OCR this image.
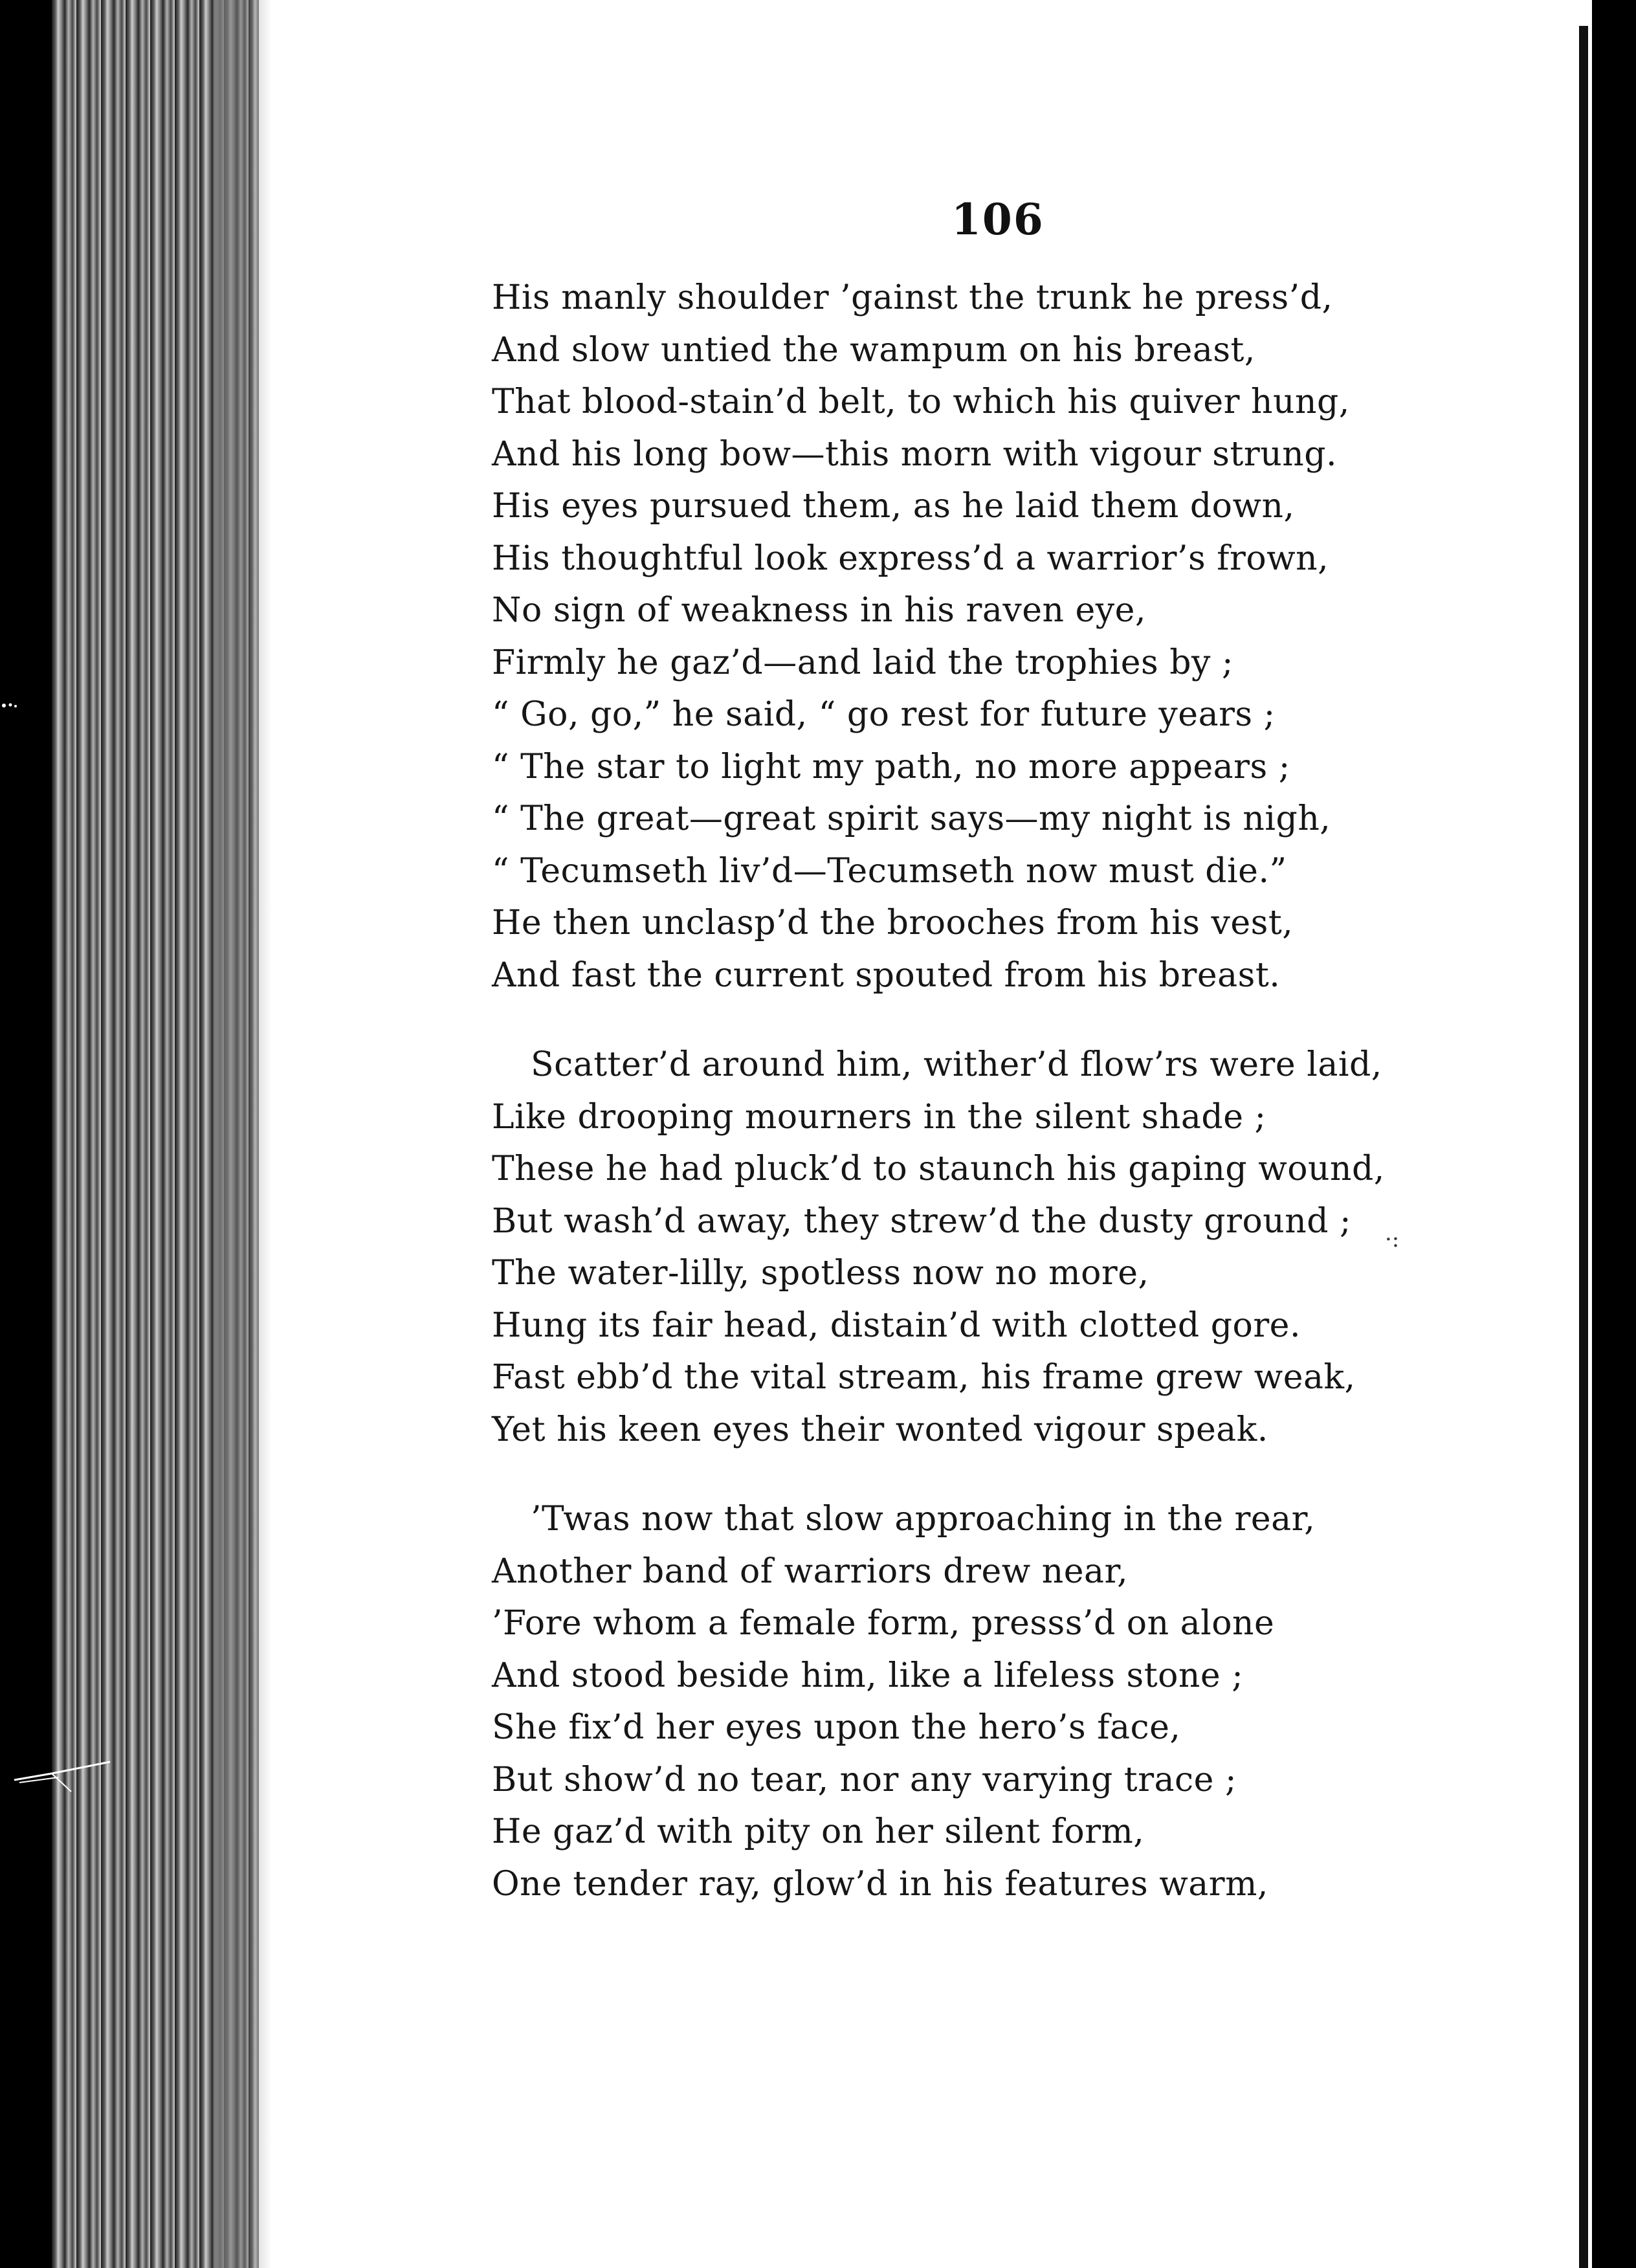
106
His manly shoulder ’gainst the trunk he press’d,
And slow untied the wampum on his breast,
That blood-stain’d belt, to which his quiver hung,
And his long bow—this morn with vigour strung.
His eyes pursued them, as he laid them down,
His thoughtful look express’d a warrior’s frown,
No sign of weakness in his raven eye,
Firmly he gaz’d—and laid the trophies by ;
“ Go, go,” he said, “ go rest for future years ;
“ The star to light my path, no more appears ;
“ The great—great spirit says—my night is nigh,
“ Tecumseth liv’d—Tecumseth now must die.”
He then unclasp’d the brooches from his vest,
And fast the current spouted from his breast.
Scatter’d around him, wither’d flow’rs were laid,
Like drooping mourners in the silent shade ;
These he had pluck’d to staunch his gaping wound,
But wash’d away, they strew’d the dusty ground ;
The water-lilly, spotless now no more,
Hung its fair head, distain’d with clotted gore.
Fast ebb’d the vital stream, his frame grew weak,
Yet his keen eyes their wonted vigour speak.
’Twas now that slow approaching in the rear,
Another band of warriors drew near,
’Fore whom a female form, presss’d on alone
And stood beside him, like a lifeless stone ;
She fix’d her eyes upon the hero’s face,
But show’d no tear, nor any varying trace ;
He gaz’d with pity on her silent form,
One tender ray, glow’d in his features warm,
·:
